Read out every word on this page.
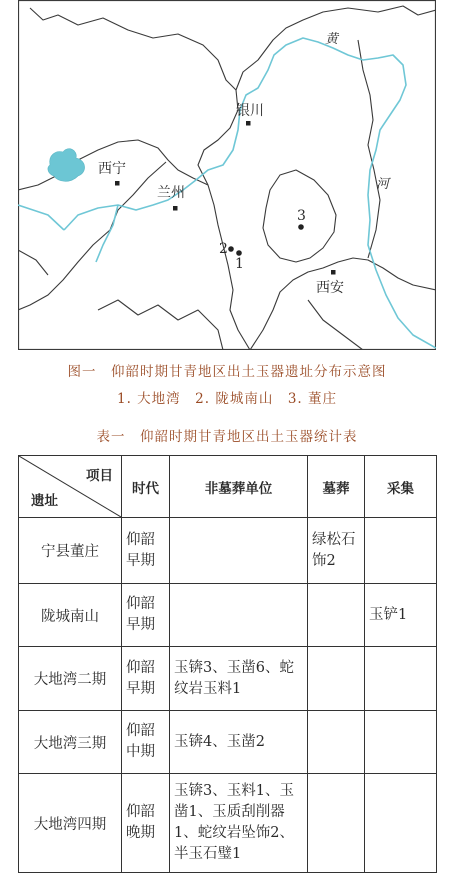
黄
河
银川
西宁
兰州
西安
1
2
3
图一　仰韶时期甘青地区出土玉器遗址分布示意图
1. 大地湾　2. 陇城南山　3. 董庄
表一　仰韶时期甘青地区出土玉器统计表
项目
遗址	时代	非墓葬单位	墓葬	采集
宁县董庄	仰韶早期		绿松石饰2	
陇城南山	仰韶早期			玉铲1
大地湾二期	仰韶早期	玉锛3、玉凿6、蛇纹岩玉料1		
大地湾三期	仰韶中期	玉锛4、玉凿2		
大地湾四期	仰韶晚期	玉锛3、玉料1、玉凿1、玉质刮削器1、蛇纹岩坠饰2、半玉石璧1		
